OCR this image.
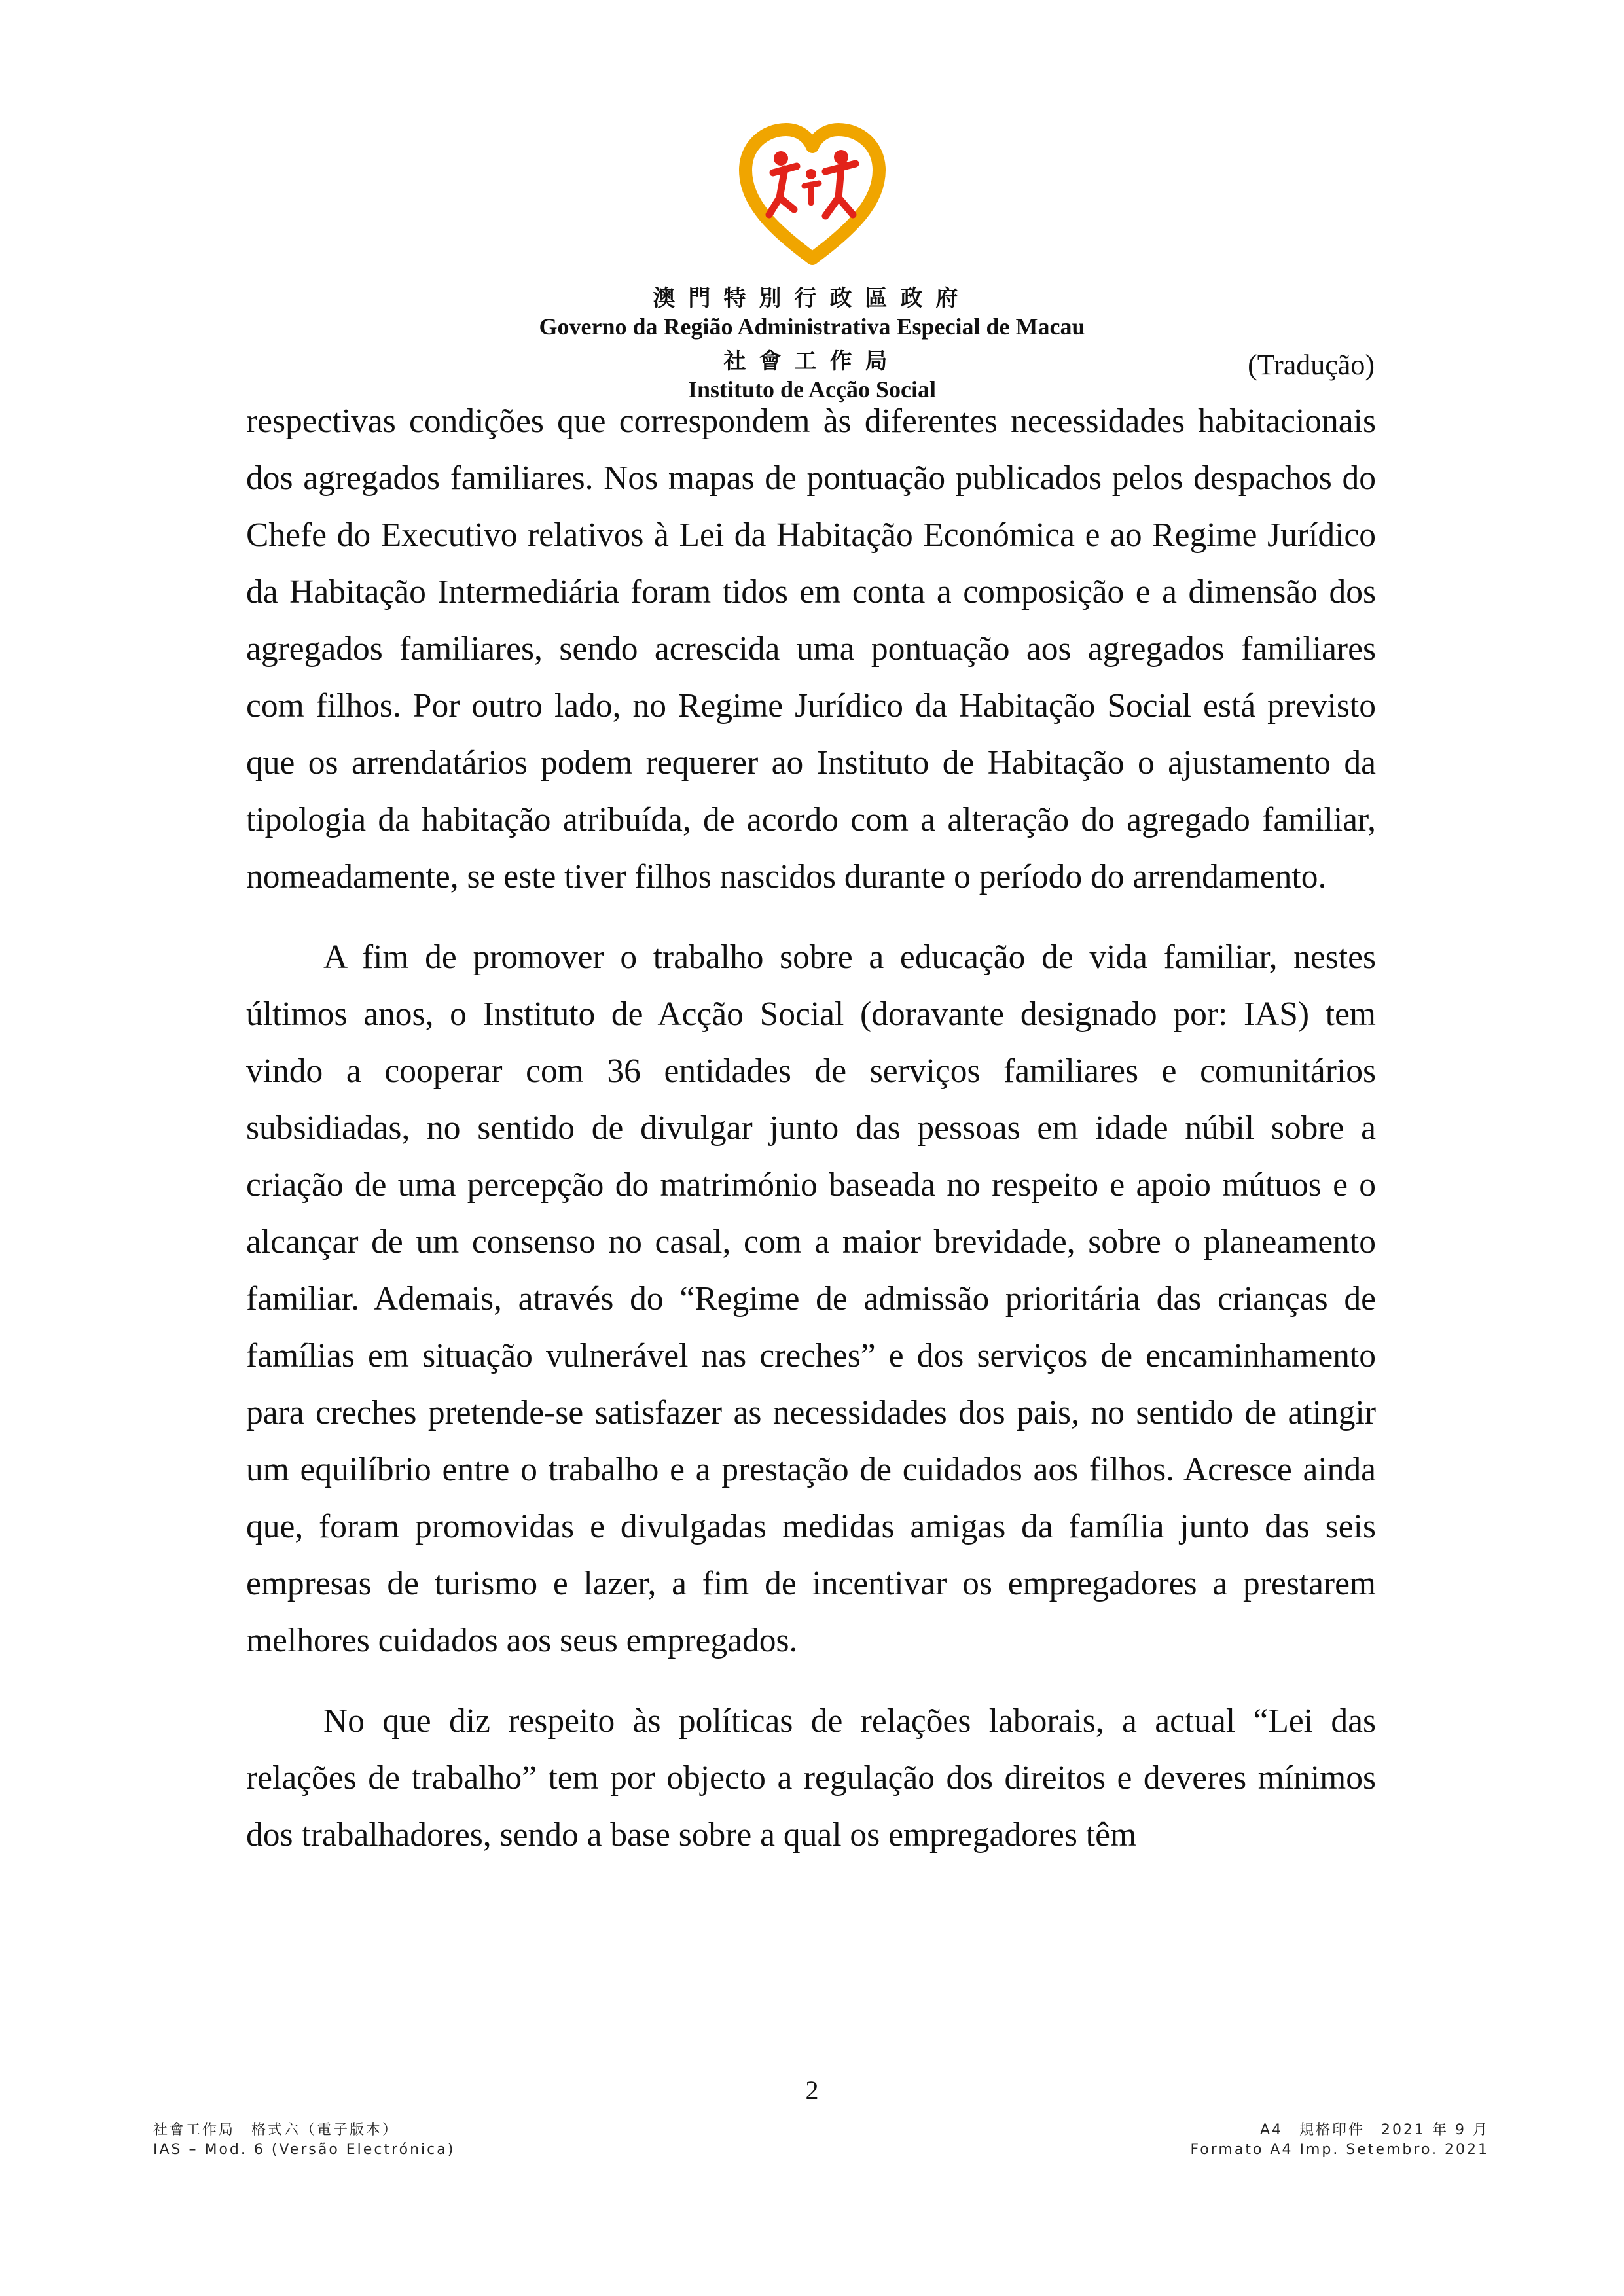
澳門特別行政區政府
Governo da Região Administrativa Especial de Macau
社會工作局
Instituto de Acção Social
(Tradução)

respectivas condições que correspondem às diferentes necessidades habitacionais dos agregados familiares. Nos mapas de pontuação publicados pelos despachos do Chefe do Executivo relativos à Lei da Habitação Económica e ao Regime Jurídico da Habitação Intermediária foram tidos em conta a composição e a dimensão dos agregados familiares, sendo acrescida uma pontuação aos agregados familiares com filhos. Por outro lado, no Regime Jurídico da Habitação Social está previsto que os arrendatários podem requerer ao Instituto de Habitação o ajustamento da tipologia da habitação atribuída, de acordo com a alteração do agregado familiar, nomeadamente, se este tiver filhos nascidos durante o período do arrendamento.

A fim de promover o trabalho sobre a educação de vida familiar, nestes últimos anos, o Instituto de Acção Social (doravante designado por: IAS) tem vindo a cooperar com 36 entidades de serviços familiares e comunitários subsidiadas, no sentido de divulgar junto das pessoas em idade núbil sobre a criação de uma percepção do matrimónio baseada no respeito e apoio mútuos e o alcançar de um consenso no casal, com a maior brevidade, sobre o planeamento familiar. Ademais, através do “Regime de admissão prioritária das crianças de famílias em situação vulnerável nas creches” e dos serviços de encaminhamento para creches pretende-se satisfazer as necessidades dos pais, no sentido de atingir um equilíbrio entre o trabalho e a prestação de cuidados aos filhos. Acresce ainda que, foram promovidas e divulgadas medidas amigas da família junto das seis empresas de turismo e lazer, a fim de incentivar os empregadores a prestarem melhores cuidados aos seus empregados.

No que diz respeito às políticas de relações laborais, a actual “Lei das relações de trabalho” tem por objecto a regulação dos direitos e deveres mínimos dos trabalhadores, sendo a base sobre a qual os empregadores têm

2
社會工作局　格式六（電子版本）
IAS – Mod. 6 (Versão Electrónica)
A4　規格印件　2021 年 9 月
Formato A4 Imp. Setembro. 2021
